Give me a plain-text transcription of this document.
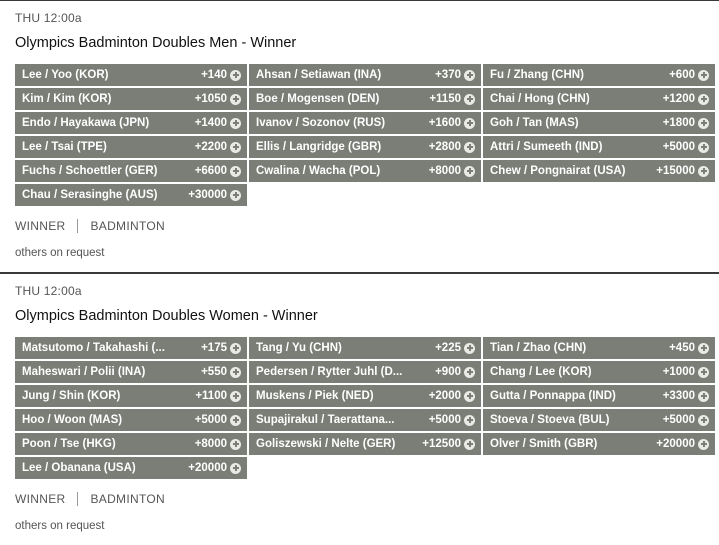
THU 12:00a
Olympics Badminton Doubles Men - Winner
Lee / Yoo (KOR)	+140	Ahsan / Setiawan (INA)	+370	Fu / Zhang (CHN)	+600
Kim / Kim (KOR)	+1050	Boe / Mogensen (DEN)	+1150	Chai / Hong (CHN)	+1200
Endo / Hayakawa (JPN)	+1400	Ivanov / Sozonov (RUS)	+1600	Goh / Tan (MAS)	+1800
Lee / Tsai (TPE)	+2200	Ellis / Langridge (GBR)	+2800	Attri / Sumeeth (IND)	+5000
Fuchs / Schoettler (GER)	+6600	Cwalina / Wacha (POL)	+8000	Chew / Pongnairat (USA)	+15000
Chau / Serasinghe (AUS)	+30000
WINNER BADMINTON
others on request
THU 12:00a
Olympics Badminton Doubles Women - Winner
Matsutomo / Takahashi (...	+175	Tang / Yu (CHN)	+225	Tian / Zhao (CHN)	+450
Maheswari / Polii (INA)	+550	Pedersen / Rytter Juhl (D...	+900	Chang / Lee (KOR)	+1000
Jung / Shin (KOR)	+1100	Muskens / Piek (NED)	+2000	Gutta / Ponnappa (IND)	+3300
Hoo / Woon (MAS)	+5000	Supajirakul / Taerattana...	+5000	Stoeva / Stoeva (BUL)	+5000
Poon / Tse (HKG)	+8000	Goliszewski / Nelte (GER) +12500	Olver / Smith (GBR)	+20000
Lee / Obanana (USA)	+20000
WINNER BADMINTON
others on request
